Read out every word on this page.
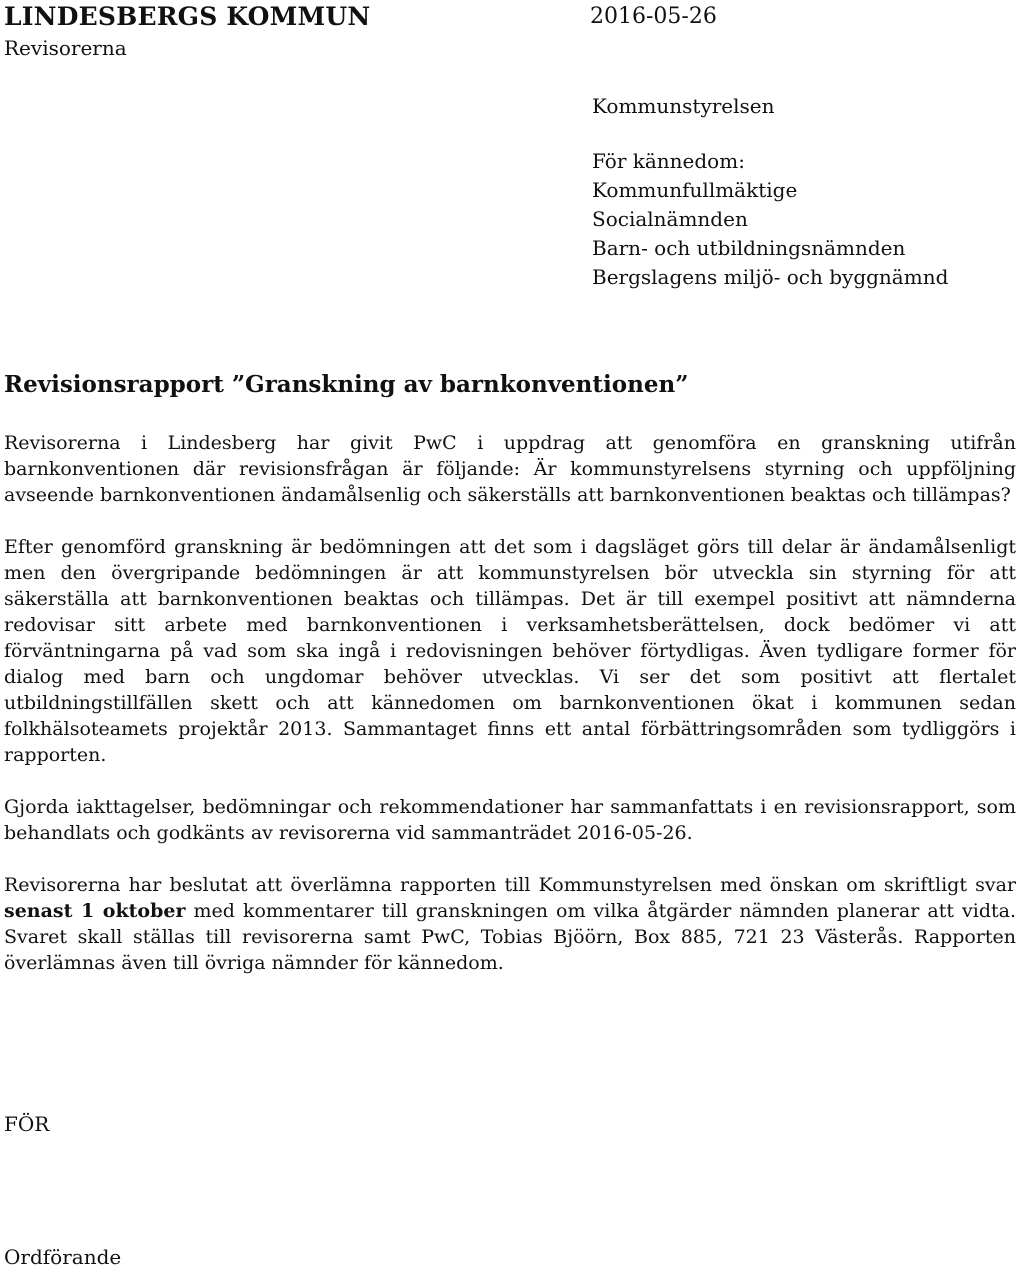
LINDESBERGS KOMMUN
Revisorerna
2016-05-26
Kommunstyrelsen
För kännedom:
Kommunfullmäktige
Socialnämnden
Barn- och utbildningsnämnden
Bergslagens miljö- och byggnämnd
Revisionsrapport ”Granskning av barnkonventionen”

Revisorerna i Lindesberg har givit PwC i uppdrag att genomföra en granskning utifrån barnkonventionen där revisionsfrågan är följande: Är kommunstyrelsens styrning och uppföljning avseende barnkonventionen ändamålsenlig och säkerställs att barnkonventionen beaktas och tillämpas?

Efter genomförd granskning är bedömningen att det som i dagsläget görs till delar är ändamålsenligt men den övergripande bedömningen är att kommunstyrelsen bör utveckla sin styrning för att säkerställa att barnkonventionen beaktas och tillämpas. Det är till exempel positivt att nämnderna redovisar sitt arbete med barnkonventionen i verksamhetsberättelsen, dock bedömer vi att förväntningarna på vad som ska ingå i redovisningen behöver förtydligas. Även tydligare former för dialog med barn och ungdomar behöver utvecklas. Vi ser det som positivt att flertalet utbildningstillfällen skett och att kännedomen om barnkonventionen ökat i kommunen sedan folkhälsoteamets projektår 2013. Sammantaget finns ett antal förbättringsområden som tydliggörs i rapporten.

Gjorda iakttagelser, bedömningar och rekommendationer har sammanfattats i en revisionsrapport, som behandlats och godkänts av revisorerna vid sammanträdet 2016-05-26.

Revisorerna har beslutat att överlämna rapporten till Kommunstyrelsen med önskan om skriftligt svar senast 1 oktober med kommentarer till granskningen om vilka åtgärder nämnden planerar att vidta. Svaret skall ställas till revisorerna samt PwC, Tobias Bjöörn, Box 885, 721 23 Västerås. Rapporten överlämnas även till övriga nämnder för kännedom.

FÖR
Ordförande
